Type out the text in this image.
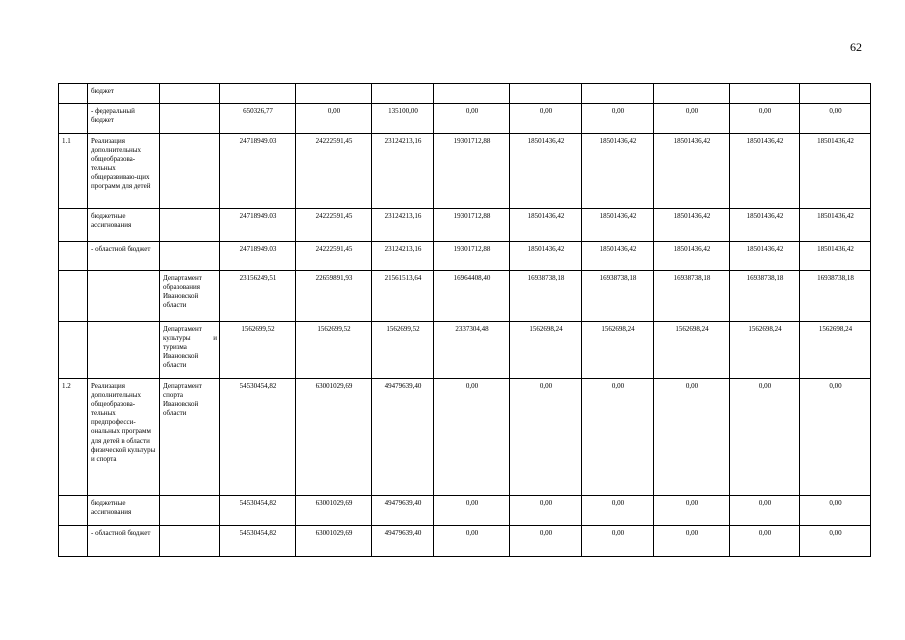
62
	бюджет										
	- федеральный бюджет		650326,77	0,00	135100,00	0,00	0,00	0,00	0,00	0,00	0,00
1.1	Реализация дополнительных общеобразова-тельных общеразвиваю-щих программ для детей		24718949.03	24222591,45	23124213,16	19301712,88	18501436,42	18501436,42	18501436,42	18501436,42	18501436,42
	бюджетные ассигнования		24718949.03	24222591,45	23124213,16	19301712,88	18501436,42	18501436,42	18501436,42	18501436,42	18501436,42
	- областной бюджет		24718949.03	24222591,45	23124213,16	19301712,88	18501436,42	18501436,42	18501436,42	18501436,42	18501436,42
		Департамент образования Ивановской области	23156249,51	22659891,93	21561513,64	16964408,40	16938738,18	16938738,18	16938738,18	16938738,18	16938738,18
		Департамент культуры и туризма Ивановской области	1562699,52	1562699,52	1562699,52	2337304,48	1562698,24	1562698,24	1562698,24	1562698,24	1562698,24
1.2	Реализация дополнительных общеобразова-тельных предпрофесси-ональных программ для детей в области физической культуры и спорта	Департамент спорта Ивановской области	54530454,82	63001029,69	49479639,40	0,00	0,00	0,00	0,00	0,00	0,00
	бюджетные ассигнования		54530454,82	63001029,69	49479639,40	0,00	0,00	0,00	0,00	0,00	0,00
	- областной бюджет		54530454,82	63001029,69	49479639,40	0,00	0,00	0,00	0,00	0,00	0,00
